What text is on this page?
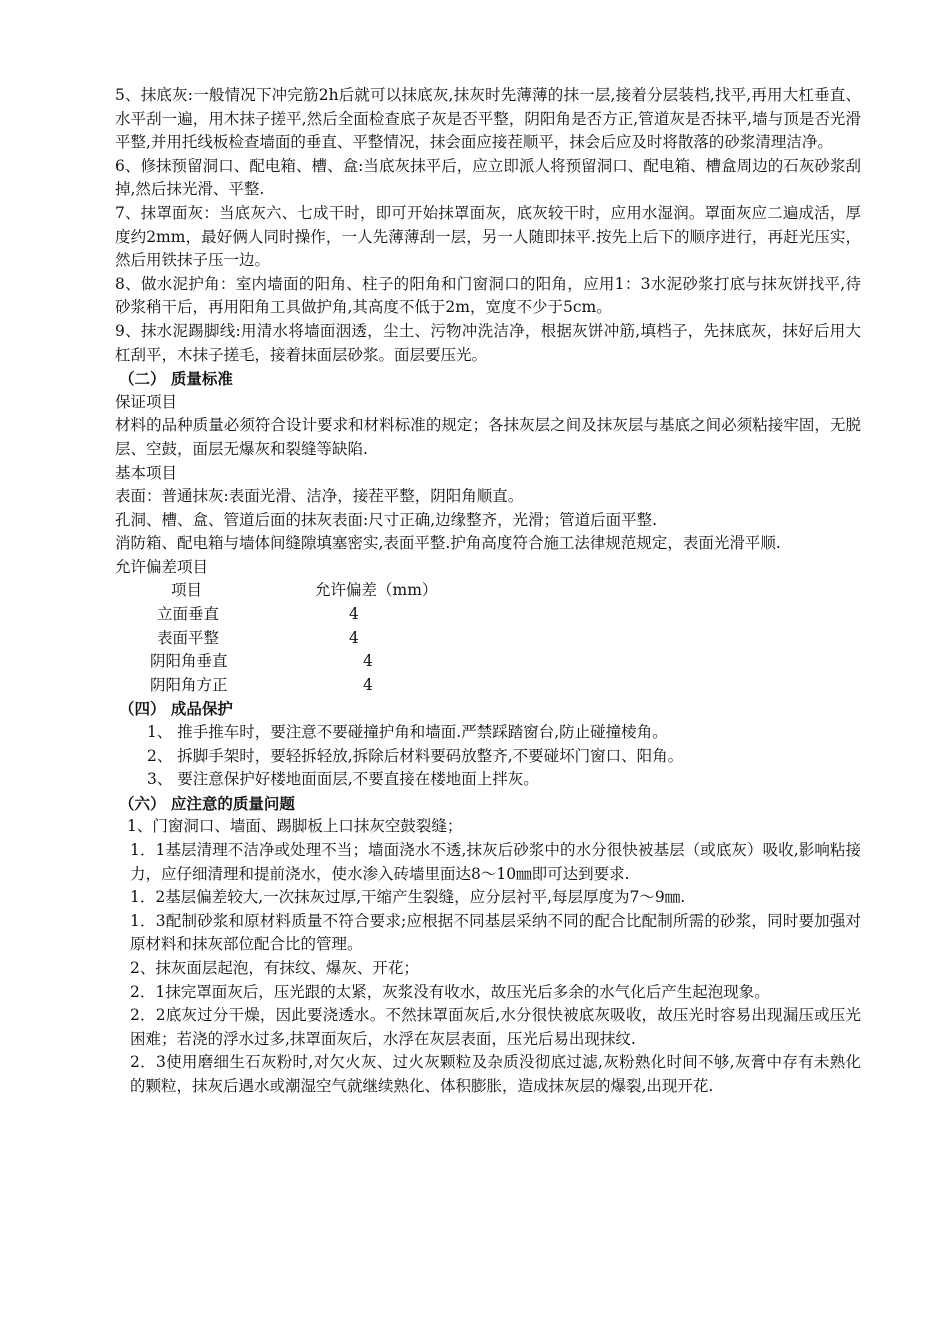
5、抹底灰:一般情况下冲完筋2h后就可以抹底灰,抹灰时先薄薄的抹一层,接着分层装档,找平,再用大杠垂直、水平刮一遍，用木抹子搓平,然后全面检查底子灰是否平整，阴阳角是否方正,管道灰是否抹平,墙与顶是否光滑平整,并用托线板检查墙面的垂直、平整情况，抹会面应接茬顺平，抹会后应及时将散落的砂浆清理洁净。

6、修抹预留洞口、配电箱、槽、盒:当底灰抹平后，应立即派人将预留洞口、配电箱、槽盒周边的石灰砂浆刮掉,然后抹光滑、平整.

7、抹罩面灰：当底灰六、七成干时，即可开始抹罩面灰，底灰较干时，应用水湿润。罩面灰应二遍成活，厚度约2mm，最好俩人同时操作，一人先薄薄刮一层，另一人随即抹平.按先上后下的顺序进行，再赶光压实，然后用铁抹子压一边。

8、做水泥护角：室内墙面的阳角、柱子的阳角和门窗洞口的阳角，应用1：3水泥砂浆打底与抹灰饼找平,待砂浆稍干后，再用阳角工具做护角,其高度不低于2m，宽度不少于5cm。

9、抹水泥踢脚线:用清水将墙面洇透，尘土、污物冲洗洁净，根据灰饼冲筋,填档子，先抹底灰，抹好后用大杠刮平，木抹子搓毛，接着抹面层砂浆。面层要压光。

（二） 质量标准

保证项目

材料的品种质量必须符合设计要求和材料标准的规定；各抹灰层之间及抹灰层与基底之间必须粘接牢固，无脱层、空鼓，面层无爆灰和裂缝等缺陷.

基本项目

表面：普通抹灰:表面光滑、洁净，接茬平整，阴阳角顺直。

孔洞、槽、盒、管道后面的抹灰表面:尺寸正确,边缘整齐，光滑；管道后面平整.

消防箱、配电箱与墙体间缝隙填塞密实,表面平整.护角高度符合施工法律规范规定，表面光滑平顺.

允许偏差项目

项目	允许偏差（mm）
立面垂直	4
表面平整	4
阴阳角垂直	4
阴阳角方正	4

（四） 成品保护

1、 推手推车时，要注意不要碰撞护角和墙面.严禁踩踏窗台,防止碰撞棱角。

2、 拆脚手架时，要轻拆轻放,拆除后材料要码放整齐,不要碰坏门窗口、阳角。

3、 要注意保护好楼地面面层,不要直接在楼地面上拌灰。

（六） 应注意的质量问题

1、门窗洞口、墙面、踢脚板上口抹灰空鼓裂缝；

1．1基层清理不洁净或处理不当；墙面浇水不透,抹灰后砂浆中的水分很快被基层（或底灰）吸收,影响粘接力，应仔细清理和提前浇水，使水渗入砖墙里面达8～10㎜即可达到要求.

1．2基层偏差较大,一次抹灰过厚,干缩产生裂缝，应分层衬平,每层厚度为7～9㎜.

1．3配制砂浆和原材料质量不符合要求;应根据不同基层采纳不同的配合比配制所需的砂浆，同时要加强对原材料和抹灰部位配合比的管理。

2、抹灰面层起泡，有抹纹、爆灰、开花；

2．1抹完罩面灰后，压光跟的太紧，灰浆没有收水，故压光后多余的水气化后产生起泡现象。

2．2底灰过分干燥，因此要浇透水。不然抹罩面灰后,水分很快被底灰吸收，故压光时容易出现漏压或压光困难；若浇的浮水过多,抹罩面灰后，水浮在灰层表面，压光后易出现抹纹.

2．3使用磨细生石灰粉时,对欠火灰、过火灰颗粒及杂质没彻底过滤,灰粉熟化时间不够,灰膏中存有未熟化的颗粒，抹灰后遇水或潮湿空气就继续熟化、体积膨胀，造成抹灰层的爆裂,出现开花.
